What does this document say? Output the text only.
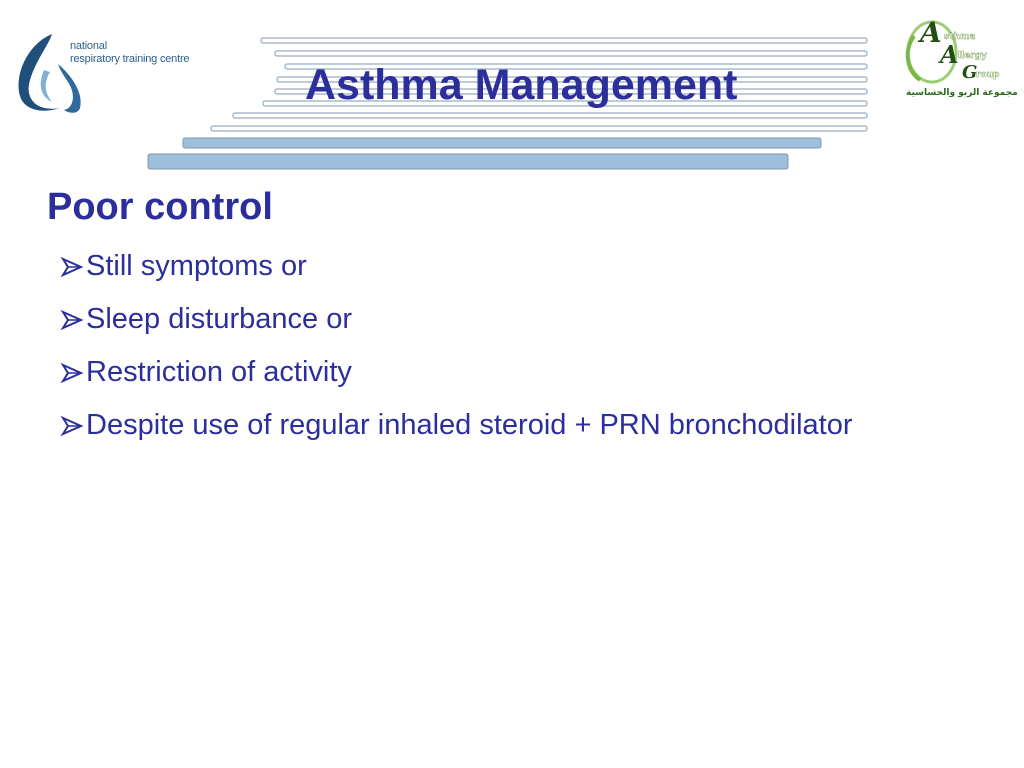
national
respiratory training centre
Asthma Management
A sthma
A llergy
G
roup
مجموعة الربو والحساسية
Poor control
Still symptoms or
Sleep disturbance or
Restriction of activity
Despite use of regular inhaled steroid + PRN bronchodilator
